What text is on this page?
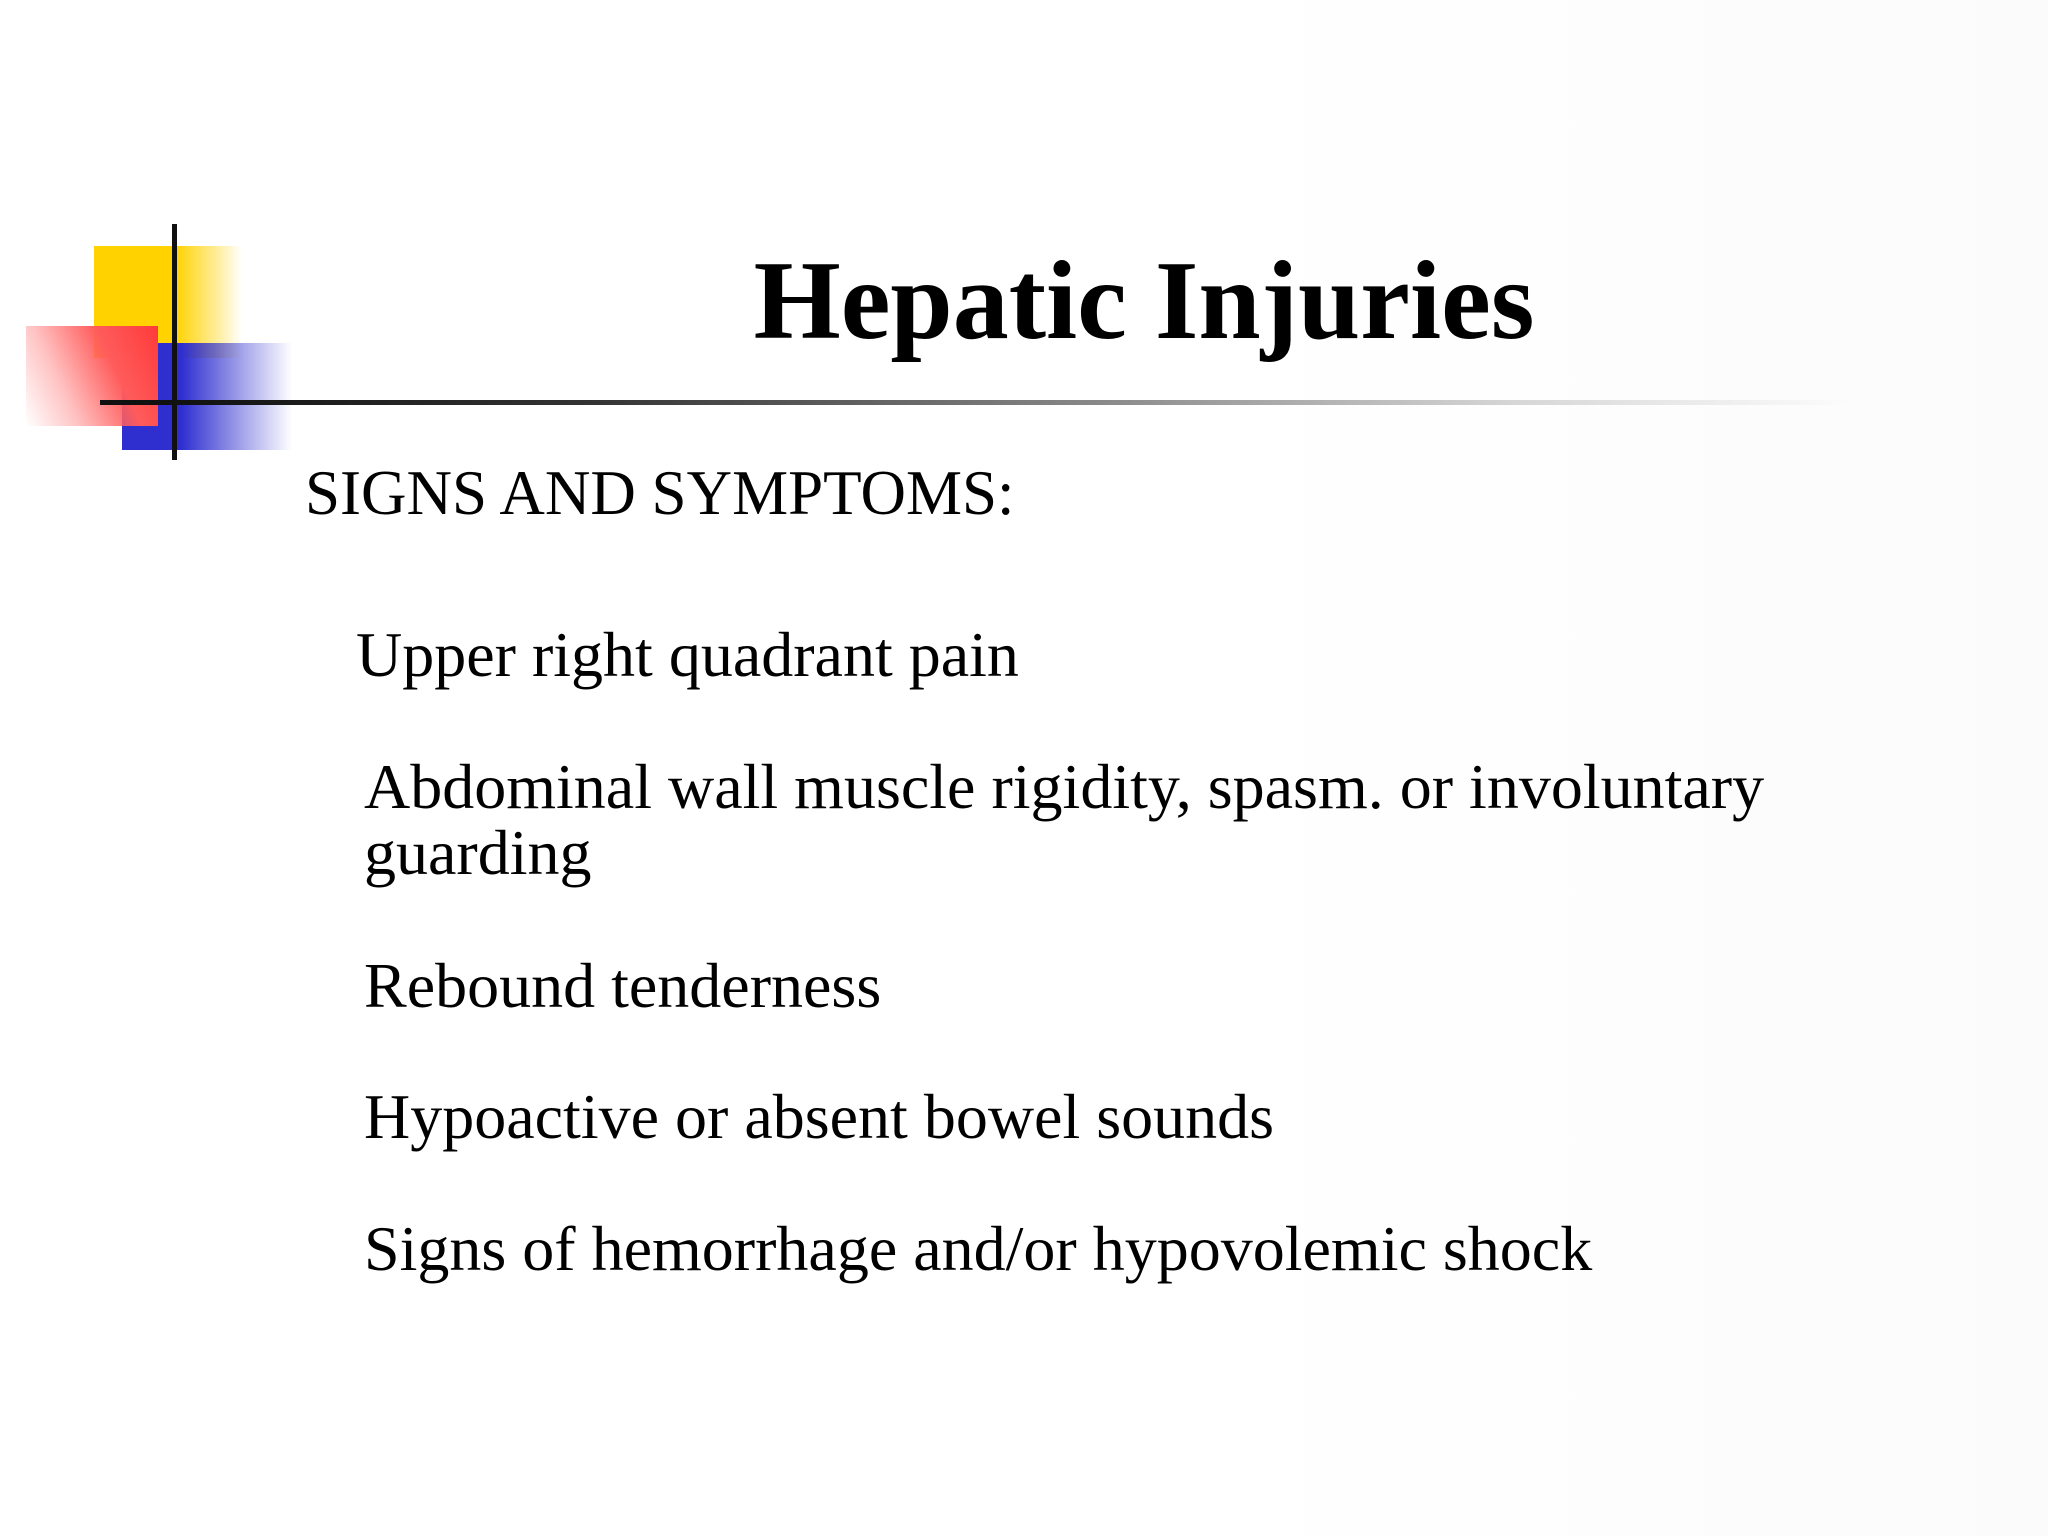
Hepatic Injuries
SIGNS AND SYMPTOMS:
Upper right quadrant pain
Abdominal wall muscle rigidity, spasm. or involuntary
guarding
Rebound tenderness
Hypoactive or absent bowel sounds
Signs of hemorrhage and/or hypovolemic shock
